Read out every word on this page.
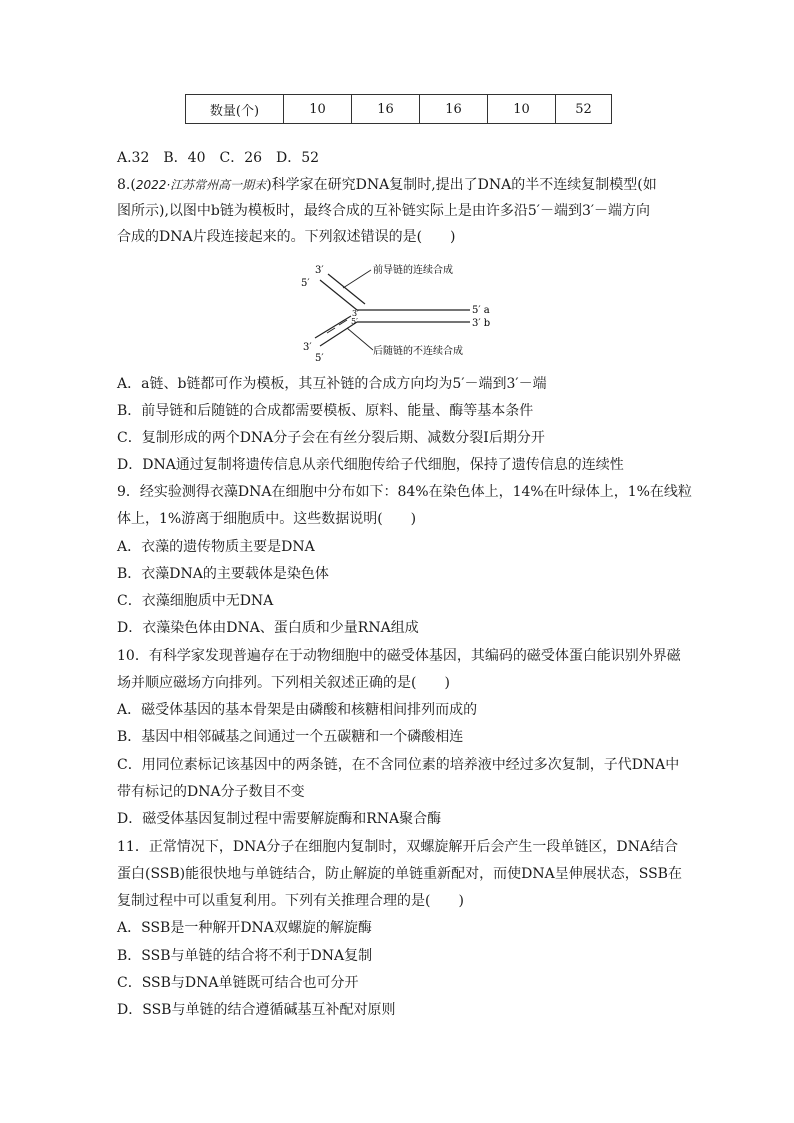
数量(个)	10	16	16	10	52
A.32　B．40　C．26　D．52
8.(2022·江苏常州高一期末)科学家在研究DNA复制时,提出了DNA的半不连续复制模型(如
图所示),以图中b链为模板时，最终合成的互补链实际上是由许多沿5′－端到3′－端方向
合成的DNA片段连接起来的。下列叙述错误的是(　　)
3′
5′
前导链的连续合成
5′ a
3′ b
3′
5′
3′
5′
后随链的不连续合成
A．a链、b链都可作为模板，其互补链的合成方向均为5′－端到3′－端
B．前导链和后随链的合成都需要模板、原料、能量、酶等基本条件
C．复制形成的两个DNA分子会在有丝分裂后期、减数分裂Ⅰ后期分开
D．DNA通过复制将遗传信息从亲代细胞传给子代细胞，保持了遗传信息的连续性
9．经实验测得衣藻DNA在细胞中分布如下：84%在染色体上，14%在叶绿体上，1%在线粒
体上，1%游离于细胞质中。这些数据说明(　　)
A．衣藻的遗传物质主要是DNA
B．衣藻DNA的主要载体是染色体
C．衣藻细胞质中无DNA
D．衣藻染色体由DNA、蛋白质和少量RNA组成
10．有科学家发现普遍存在于动物细胞中的磁受体基因，其编码的磁受体蛋白能识别外界磁
场并顺应磁场方向排列。下列相关叙述正确的是(　　)
A．磁受体基因的基本骨架是由磷酸和核糖相间排列而成的
B．基因中相邻碱基之间通过一个五碳糖和一个磷酸相连
C．用同位素标记该基因中的两条链，在不含同位素的培养液中经过多次复制，子代DNA中
带有标记的DNA分子数目不变
D．磁受体基因复制过程中需要解旋酶和RNA聚合酶
11．正常情况下，DNA分子在细胞内复制时，双螺旋解开后会产生一段单链区，DNA结合
蛋白(SSB)能很快地与单链结合，防止解旋的单链重新配对，而使DNA呈伸展状态，SSB在
复制过程中可以重复利用。下列有关推理合理的是(　　)
A．SSB是一种解开DNA双螺旋的解旋酶
B．SSB与单链的结合将不利于DNA复制
C．SSB与DNA单链既可结合也可分开
D．SSB与单链的结合遵循碱基互补配对原则
